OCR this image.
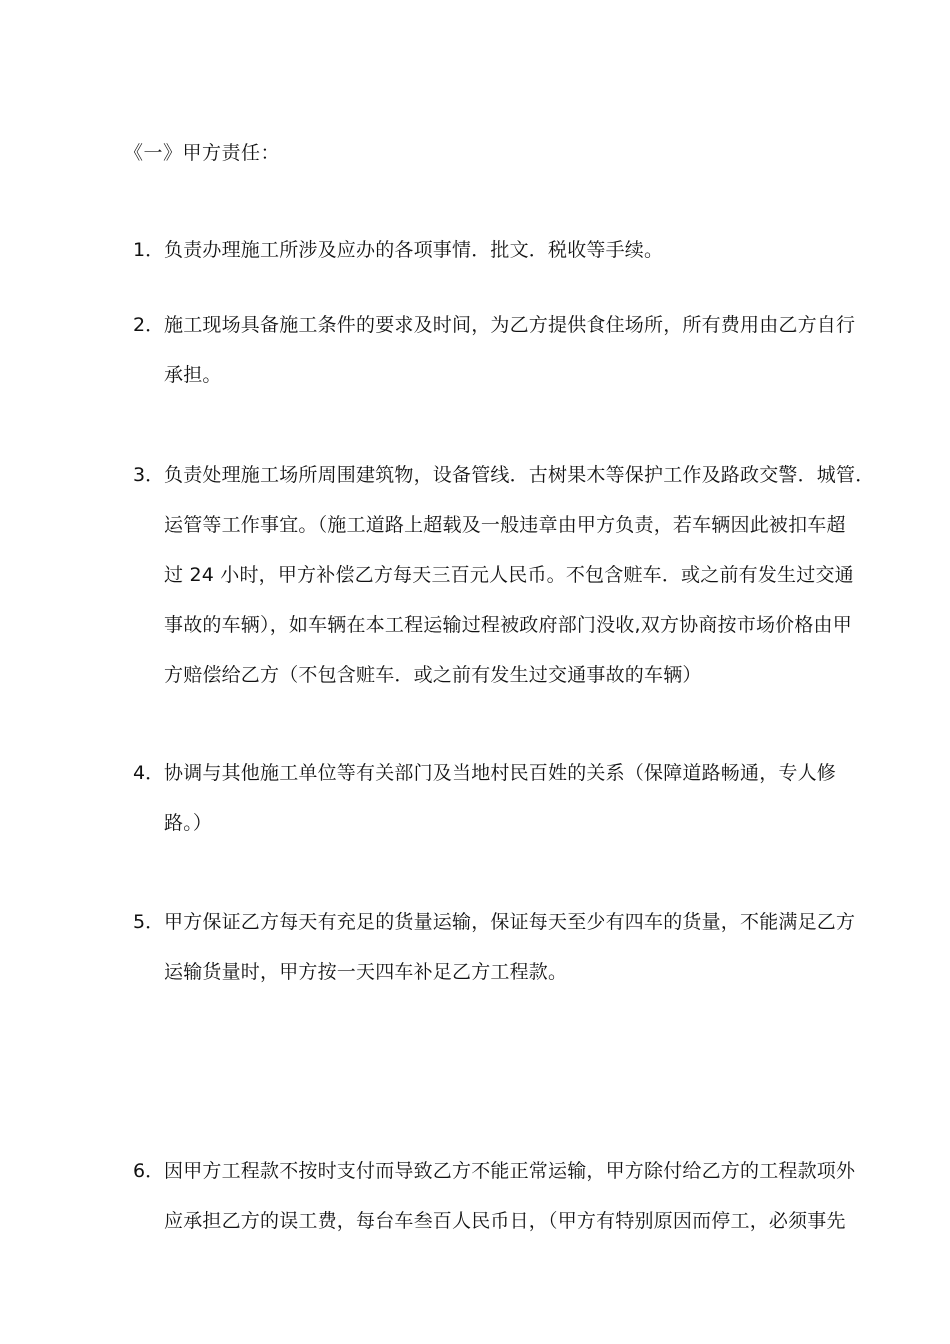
《一》甲方责任：
1． 负责办理施工所涉及应办的各项事情．批文．税收等手续。
2． 施工现场具备施工条件的要求及时间，为乙方提供食住场所，所有费用由乙方自行
承担。
3． 负责处理施工场所周围建筑物，设备管线．古树果木等保护工作及路政交警．城管．
运管等工作事宜。（施工道路上超载及一般违章由甲方负责，若车辆因此被扣车超
过 24 小时，甲方补偿乙方每天三百元人民币。不包含赃车．或之前有发生过交通
事故的车辆），如车辆在本工程运输过程被政府部门没收,双方协商按市场价格由甲
方赔偿给乙方（不包含赃车．或之前有发生过交通事故的车辆）
4． 协调与其他施工单位等有关部门及当地村民百姓的关系（保障道路畅通，专人修
路。）
5． 甲方保证乙方每天有充足的货量运输，保证每天至少有四车的货量，不能满足乙方
运输货量时，甲方按一天四车补足乙方工程款。
6． 因甲方工程款不按时支付而导致乙方不能正常运输，甲方除付给乙方的工程款项外
应承担乙方的误工费，每台车叁百人民币日，（甲方有特别原因而停工，必须事先
